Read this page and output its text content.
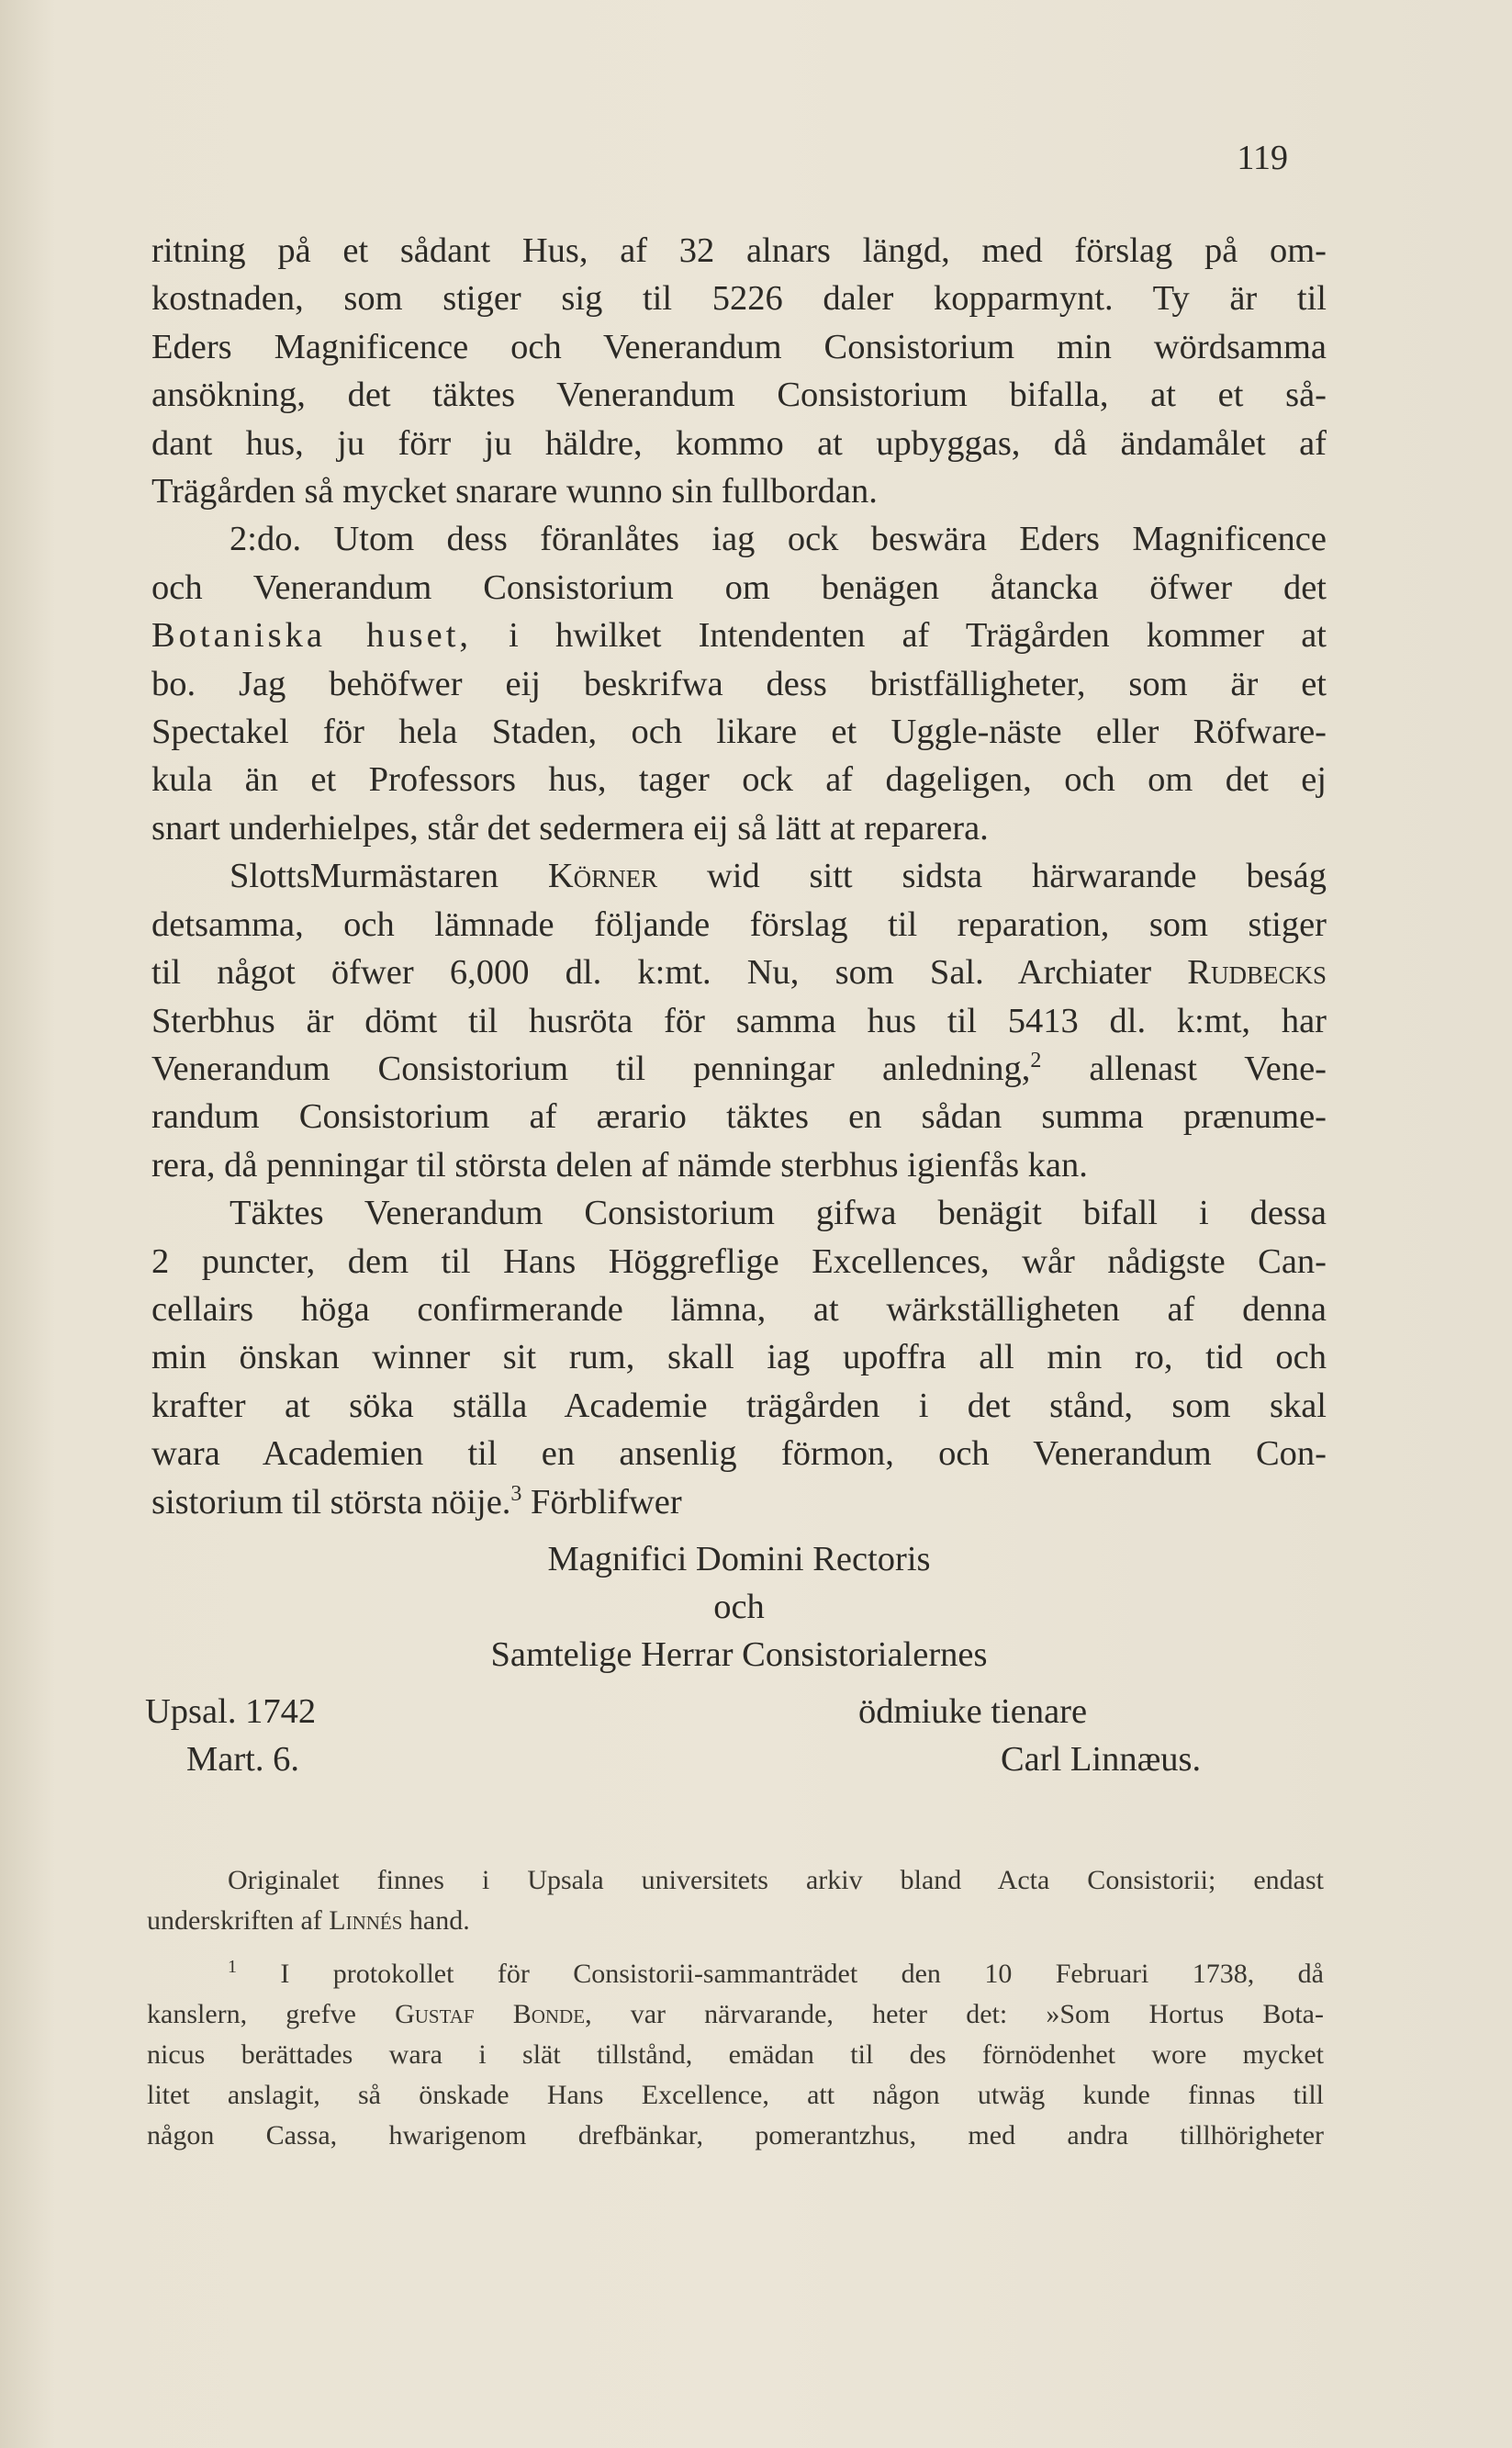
119

ritning på et sådant Hus, af 32 alnars längd, med förslag på om-

kostnaden, som stiger sig til 5226 daler kopparmynt. Ty är til

Eders Magnificence och Venerandum Consistorium min wördsamma

ansökning, det täktes Venerandum Consistorium bifalla, at et så-

dant hus, ju förr ju häldre, kommo at upbyggas, då ändamålet af

Trägården så mycket snarare wunno sin fullbordan.

2:do. Utom dess föranlåtes iag ock beswära Eders Magnificence

och Venerandum Consistorium om benägen åtancka öfwer det

Botaniska huset, i hwilket Intendenten af Trägården kommer at

bo. Jag behöfwer eij beskrifwa dess bristfälligheter, som är et

Spectakel för hela Staden, och likare et Uggle-näste eller Röfware-

kula än et Professors hus, tager ock af dageligen, och om det ej

snart underhielpes, står det sedermera eij så lätt at reparera.

SlottsMurmästaren Körner wid sitt sidsta härwarande beság

detsamma, och lämnade följande förslag til reparation, som stiger

til något öfwer 6,000 dl. k:mt. Nu, som Sal. Archiater Rudbecks

Sterbhus är dömt til husröta för samma hus til 5413 dl. k:mt, har

Venerandum Consistorium til penningar anledning,$^2$ allenast Vene-

randum Consistorium af ærario täktes en sådan summa prænume-

rera, då penningar til största delen af nämde sterbhus igienfås kan.

Täktes Venerandum Consistorium gifwa benägit bifall i dessa

2 puncter, dem til Hans Höggreflige Excellences, wår nådigste Can-

cellairs höga confirmerande lämna, at wärkställigheten af denna

min önskan winner sit rum, skall iag upoffra all min ro, tid och

krafter at söka ställa Academie trägården i det stånd, som skal

wara Academien til en ansenlig förmon, och Venerandum Con-

sistorium til största nöije.$^3$ Förblifwer

Magnifici Domini Rectoris
och
Samtelige Herrar Consistorialernes
Upsal. 1742
Mart. 6.
ödmiuke tienare
Carl Linnæus.

Originalet finnes i Upsala universitets arkiv bland Acta Consistorii; endast

underskriften af Linnés hand.

$^1$ I protokollet för Consistorii-sammanträdet den 10 Februari 1738, då

kanslern, grefve Gustaf Bonde, var närvarande, heter det: »Som Hortus Bota-

nicus berättades wara i slät tillstånd, emädan til des förnödenhet wore mycket

litet anslagit, så önskade Hans Excellence, att någon utwäg kunde finnas till

någon Cassa, hwarigenom drefbänkar, pomerantzhus, med andra tillhörigheter
